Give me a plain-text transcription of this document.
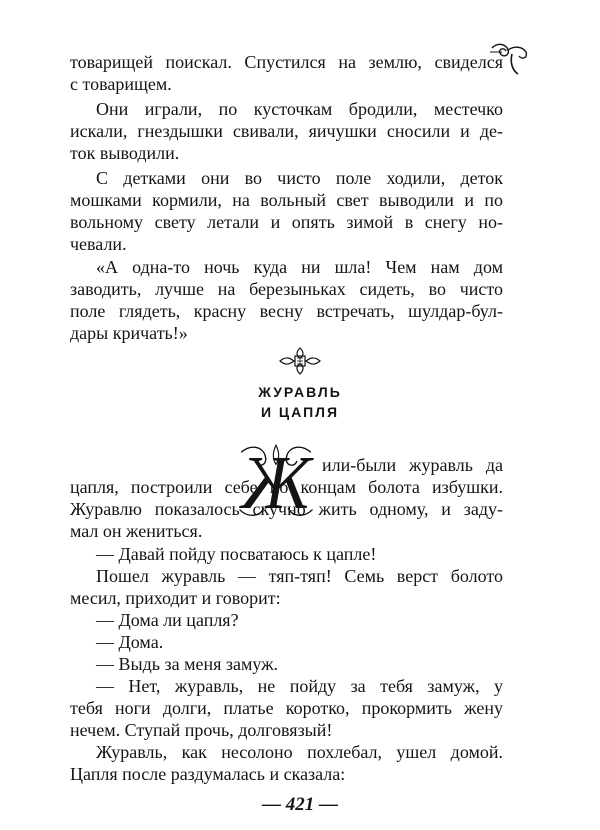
товарищей поискал. Спустился на землю, свиделся
с товарищем.
Они играли, по кусточкам бродили, местечко
искали, гнездышки свивали, яичушки сносили и де-
ток выводили.
С детками они во чисто поле ходили, деток
мошками кормили, на вольный свет выводили и по
вольному свету летали и опять зимой в снегу но-
чевали.
«А одна-то ночь куда ни шла! Чем нам дом
заводить, лучше на березыньках сидеть, во чисто
поле глядеть, красну весну встречать, шулдар-бул-
дары кричать!»
ЖУРАВЛЬ
И ЦАПЛЯ
Ж или-были журавль да
цапля, построили себе по концам болота избушки.
Журавлю показалось скучно жить одному, и заду-
мал он жениться.
— 421 —
— Давай пойду посватаюсь к цапле!
Пошел журавль — тяп-тяп! Семь верст болото
месил, приходит и говорит:
— Дома ли цапля?
— Дома.
— Выдь за меня замуж.
— Нет, журавль, не пойду за тебя замуж, у
тебя ноги долги, платье коротко, прокормить жену
нечем. Ступай прочь, долговязый!
Журавль, как несолоно похлебал, ушел домой.
Цапля после раздумалась и сказала:
